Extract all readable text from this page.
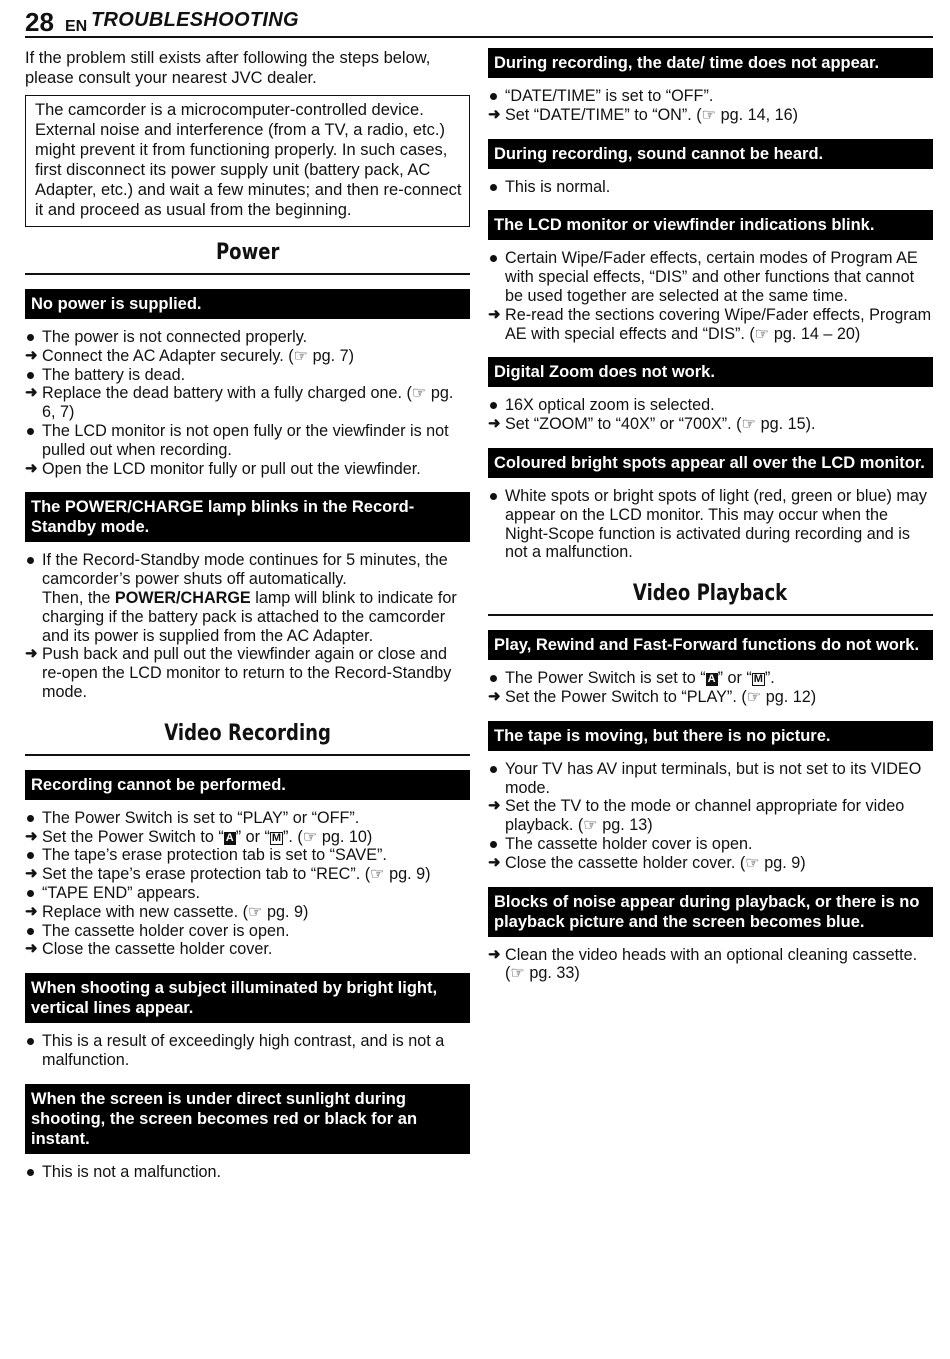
28 EN TROUBLESHOOTING

If the problem still exists after following the steps below, please consult your nearest JVC dealer.

The camcorder is a microcomputer-controlled device. External noise and interference (from a TV, a radio, etc.) might prevent it from functioning properly. In such cases, first disconnect its power supply unit (battery pack, AC Adapter, etc.) and wait a few minutes; and then re-connect it and proceed as usual from the beginning.
Power
No power is supplied.
The power is not connected properly.
➜ Connect the AC Adapter securely. (☞ pg. 7)
The battery is dead.
➜ Replace the dead battery with a fully charged one. (☞ pg. 6, 7)
The LCD monitor is not open fully or the viewfinder is not pulled out when recording.
➜ Open the LCD monitor fully or pull out the viewfinder.
The POWER/CHARGE lamp blinks in the Record-Standby mode.
If the Record-Standby mode continues for 5 minutes, the camcorder’s power shuts off automatically.
Then, the POWER/CHARGE lamp will blink to indicate for charging if the battery pack is attached to the camcorder and its power is supplied from the AC Adapter.
➜ Push back and pull out the viewfinder again or close and re-open the LCD monitor to return to the Record-Standby mode.
Video Recording
Recording cannot be performed.
The Power Switch is set to “PLAY” or “OFF”.
➜ Set the Power Switch to “ A ” or “ M ”. (☞ pg. 10)
The tape’s erase protection tab is set to “SAVE”.
➜ Set the tape’s erase protection tab to “REC”. (☞ pg. 9)
“TAPE END” appears.
➜ Replace with new cassette. (☞ pg. 9)
The cassette holder cover is open.
➜ Close the cassette holder cover.
When shooting a subject illuminated by bright light, vertical lines appear.
This is a result of exceedingly high contrast, and is not a malfunction.
When the screen is under direct sunlight during shooting, the screen becomes red or black for an instant.
This is not a malfunction.
During recording, the date/ time does not appear.
“DATE/TIME” is set to “OFF”.
➜ Set “DATE/TIME” to “ON”. (☞ pg. 14, 16)
During recording, sound cannot be heard.
This is normal.
The LCD monitor or viewfinder indications blink.
Certain Wipe/Fader effects, certain modes of Program AE with special effects, “DIS” and other functions that cannot be used together are selected at the same time.
➜ Re-read the sections covering Wipe/Fader effects, Program AE with special effects and “DIS”. (☞ pg. 14 – 20)
Digital Zoom does not work.
16X optical zoom is selected.
➜ Set “ZOOM” to “40X” or “700X”. (☞ pg. 15).
Coloured bright spots appear all over the LCD monitor.
White spots or bright spots of light (red, green or blue) may appear on the LCD monitor. This may occur when the Night-Scope function is activated during recording and is not a malfunction.
Video Playback
Play, Rewind and Fast-Forward functions do not work.
The Power Switch is set to “ A ” or “ M ”.
➜ Set the Power Switch to “PLAY”. (☞ pg. 12)
The tape is moving, but there is no picture.
Your TV has AV input terminals, but is not set to its VIDEO mode.
➜ Set the TV to the mode or channel appropriate for video playback. (☞ pg. 13)
The cassette holder cover is open.
➜ Close the cassette holder cover. (☞ pg. 9)
Blocks of noise appear during playback, or there is no playback picture and the screen becomes blue.
➜ Clean the video heads with an optional cleaning cassette. (☞ pg. 33)
